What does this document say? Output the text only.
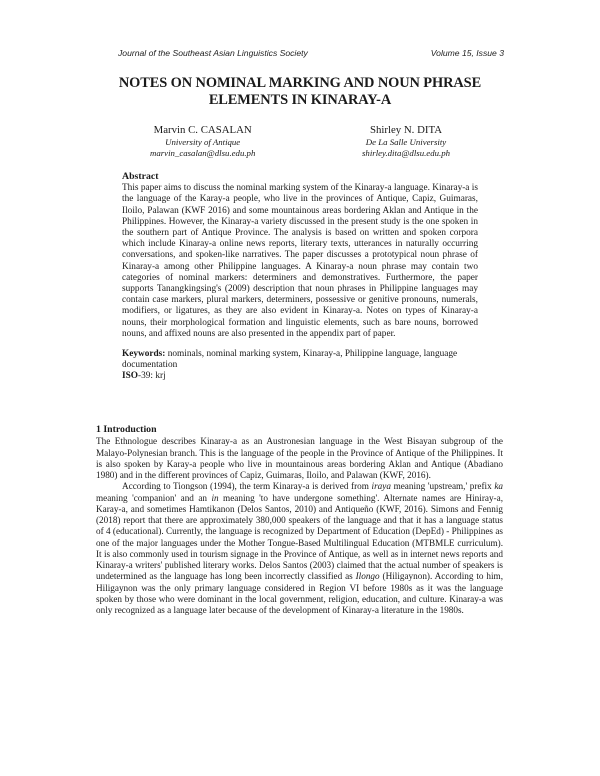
Journal of the Southeast Asian Linguistics Society	Volume 15, Issue 3
NOTES ON NOMINAL MARKING AND NOUN PHRASE
ELEMENTS IN KINARAY-A
Marvin C. CASALAN
University of Antique
marvin_casalan@dlsu.edu.ph
Shirley N. DITA
De La Salle University
shirley.dita@dlsu.edu.ph
Abstract

This paper aims to discuss the nominal marking system of the Kinaray-a language. Kinaray-a is the language of the Karay-a people, who live in the provinces of Antique, Capiz, Guimaras, Iloilo, Palawan (KWF 2016) and some mountainous areas bordering Aklan and Antique in the Philippines. However, the Kinaray-a variety discussed in the present study is the one spoken in the southern part of Antique Province. The analysis is based on written and spoken corpora which include Kinaray-a online news reports, literary texts, utterances in naturally occurring conversations, and spoken-like narratives. The paper discusses a prototypical noun phrase of Kinaray-a among other Philippine languages. A Kinaray-a noun phrase may contain two categories of nominal markers: determiners and demonstratives. Furthermore, the paper supports Tanangkingsing's (2009) description that noun phrases in Philippine languages may contain case markers, plural markers, determiners, possessive or genitive pronouns, numerals, modifiers, or ligatures, as they are also evident in Kinaray-a. Notes on types of Kinaray-a nouns, their morphological formation and linguistic elements, such as bare nouns, borrowed nouns, and affixed nouns are also presented in the appendix part of paper.

Keywords: nominals, nominal marking system, Kinaray-a, Philippine language, language documentation

ISO-39: krj

1 Introduction

The Ethnologue describes Kinaray-a as an Austronesian language in the West Bisayan subgroup of the Malayo-Polynesian branch. This is the language of the people in the Province of Antique of the Philippines. It is also spoken by Karay-a people who live in mountainous areas bordering Aklan and Antique (Abadiano 1980) and in the different provinces of Capiz, Guimaras, Iloilo, and Palawan (KWF, 2016).

According to Tiongson (1994), the term Kinaray-a is derived from iraya meaning 'upstream,' prefix ka meaning 'companion' and an in meaning 'to have undergone something'. Alternate names are Hiniray-a, Karay-a, and sometimes Hamtikanon (Delos Santos, 2010) and Antiqueño (KWF, 2016). Simons and Fennig (2018) report that there are approximately 380,000 speakers of the language and that it has a language status of 4 (educational). Currently, the language is recognized by Department of Education (DepEd) - Philippines as one of the major languages under the Mother Tongue-Based Multilingual Education (MTBMLE curriculum). It is also commonly used in tourism signage in the Province of Antique, as well as in internet news reports and Kinaray-a writers' published literary works. Delos Santos (2003) claimed that the actual number of speakers is undetermined as the language has long been incorrectly classified as Ilongo (Hiligaynon). According to him, Hiligaynon was the only primary language considered in Region VI before 1980s as it was the language spoken by those who were dominant in the local government, religion, education, and culture. Kinaray-a was only recognized as a language later because of the development of Kinaray-a literature in the 1980s.
